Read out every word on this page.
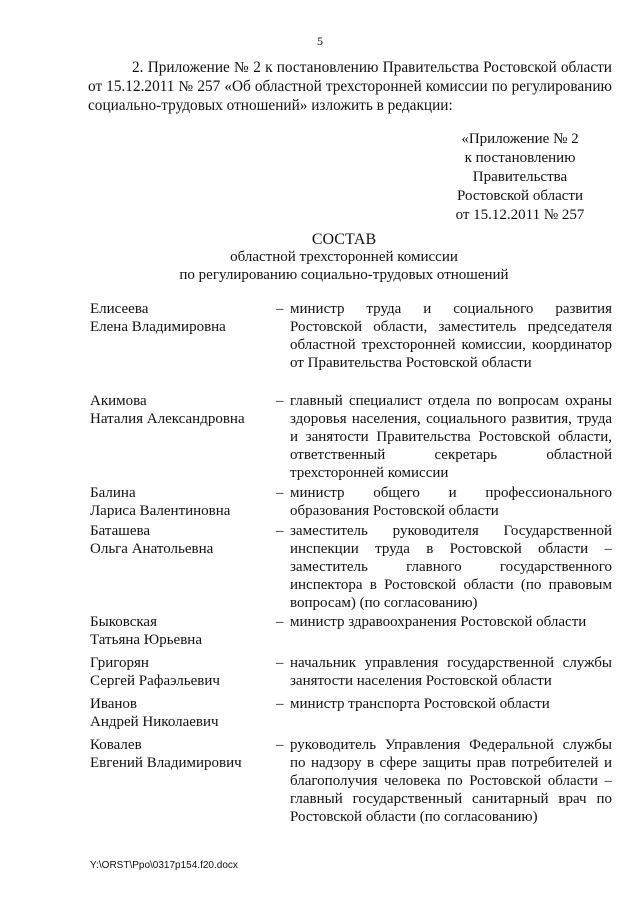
5
2. Приложение № 2 к постановлению Правительства Ростовской области от 15.12.2011 № 257 «Об областной трехсторонней комиссии по регулированию социально-трудовых отношений» изложить в редакции:
«Приложение № 2
к постановлению
Правительства
Ростовской области
от 15.12.2011 № 257
СОСТАВ
областной трехсторонней комиссии
по регулированию социально-трудовых отношений
Елисеева
Елена Владимировна
– министр труда и социального развития Ростовской области, заместитель председателя областной трехсторонней комиссии, координатор от Правительства Ростовской области
Акимова
Наталия Александровна
– главный специалист отдела по вопросам охраны здоровья населения, социального развития, труда и занятости Правительства Ростовской области, ответственный секретарь областной трехсторонней комиссии
Балина
Лариса Валентиновна
– министр общего и профессионального образования Ростовской области
Баташева
Ольга Анатольевна
– заместитель руководителя Государственной инспекции труда в Ростовской области – заместитель главного государственного инспектора в Ростовской области (по правовым вопросам) (по согласованию)
Быковская
Татьяна Юрьевна
– министр здравоохранения Ростовской области
Григорян
Сергей Рафаэльевич
– начальник управления государственной службы занятости населения Ростовской области
Иванов
Андрей Николаевич
– министр транспорта Ростовской области
Ковалев
Евгений Владимирович
– руководитель Управления Федеральной службы по надзору в сфере защиты прав потребителей и благополучия человека по Ростовской области – главный государственный санитарный врач по Ростовской области (по согласованию)
Y:\ORST\Ppo\0317p154.f20.docx
